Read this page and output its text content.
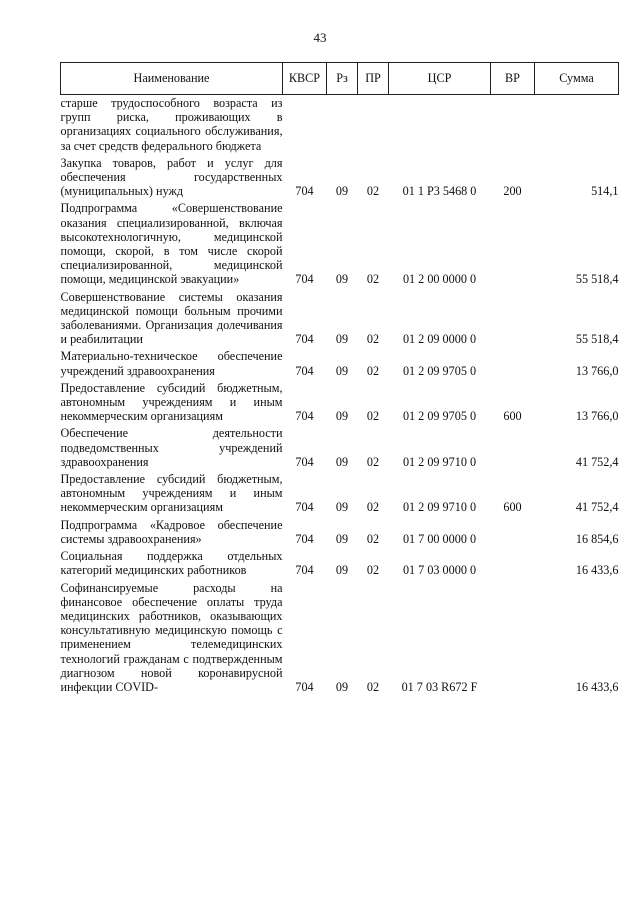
43
Наименование	КВСР	Рз	ПР	ЦСР	ВР	Сумма
старше трудоспособного возраста из групп риска, проживающих в организациях социального обслуживания, за счет средств федерального бюджета						
Закупка товаров, работ и услуг для обеспечения государственных (муниципальных) нужд	704	09	02	01 1 P3 5468 0	200	514,1
Подпрограмма «Совершенствование оказания специализированной, включая высокотехнологичную, медицинской помощи, скорой, в том числе скорой специализированной, медицинской помощи, медицинской эвакуации»	704	09	02	01 2 00 0000 0		55 518,4
Совершенствование системы оказания медицинской помощи больным прочими заболеваниями. Организация долечивания и реабилитации	704	09	02	01 2 09 0000 0		55 518,4
Материально-техническое обеспечение учреждений здравоохранения	704	09	02	01 2 09 9705 0		13 766,0
Предоставление субсидий бюджетным, автономным учреждениям и иным некоммерческим организациям	704	09	02	01 2 09 9705 0	600	13 766,0
Обеспечение деятельности подведомственных учреждений здравоохранения	704	09	02	01 2 09 9710 0		41 752,4
Предоставление субсидий бюджетным, автономным учреждениям и иным некоммерческим организациям	704	09	02	01 2 09 9710 0	600	41 752,4
Подпрограмма «Кадровое обеспечение системы здравоохранения»	704	09	02	01 7 00 0000 0		16 854,6
Социальная поддержка отдельных категорий медицинских работников	704	09	02	01 7 03 0000 0		16 433,6
Софинансируемые расходы на финансовое обеспечение оплаты труда медицинских работников, оказывающих консультативную медицинскую помощь с применением телемедицинских технологий гражданам с подтвержденным диагнозом новой коронавирусной инфекции COVID-	704	09	02	01 7 03 R672 F		16 433,6
